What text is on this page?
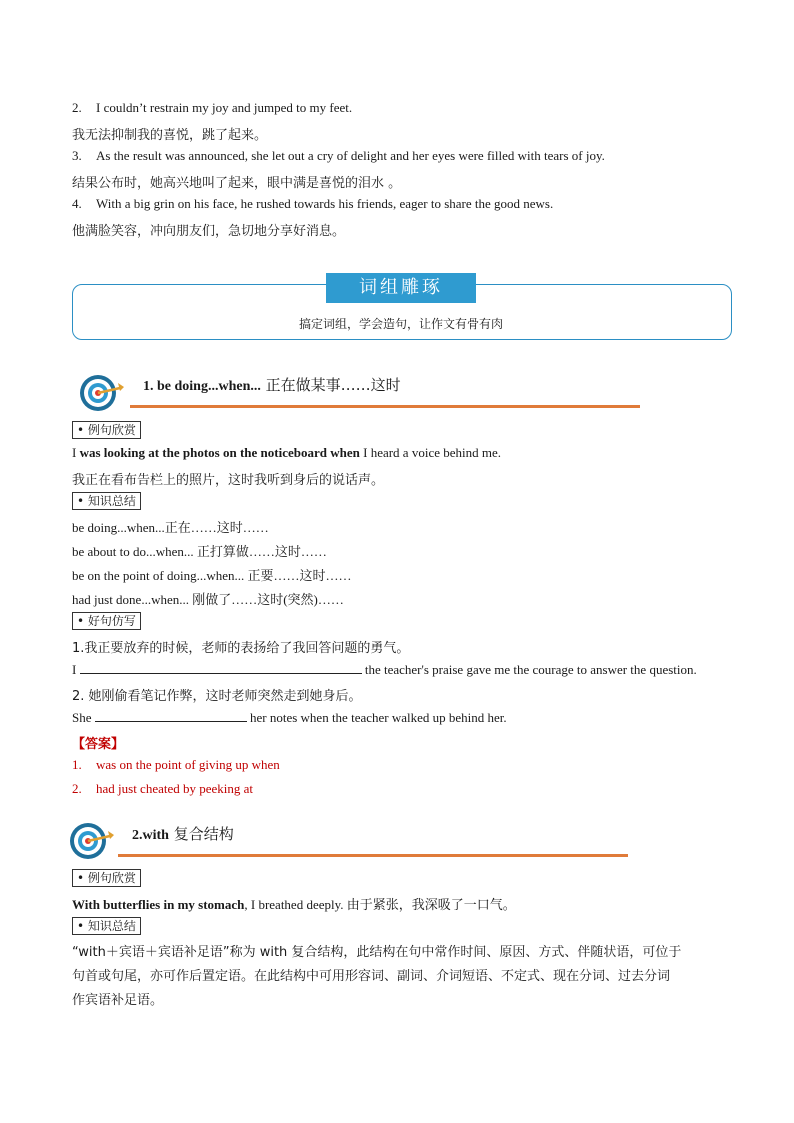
2. I couldn’t restrain my joy and jumped to my feet.
我无法抑制我的喜悦，跳了起来。
3. As the result was announced, she let out a cry of delight and her eyes were filled with tears of joy.
结果公布时，她高兴地叫了起来，眼中满是喜悦的泪水 。
4. With a big grin on his face, he rushed towards his friends, eager to share the good news.
他满脸笑容，冲向朋友们，急切地分享好消息。
词组雕琢
搞定词组，学会造句，让作文有骨有肉
1. be doing...when... 正在做某事……这时
• 例句欣赏
I was looking at the photos on the noticeboard when I heard a voice behind me.
我正在看布告栏上的照片，这时我听到身后的说话声。
• 知识总结
be doing...when...正在……这时……
be about to do...when... 正打算做……这时……
be on the point of doing...when... 正要……这时……
had just done...when... 刚做了……这时(突然)……
• 好句仿写
1.我正要放弃的时候，老师的表扬给了我回答问题的勇气。
I	the teacher's praise gave me the courage to answer the question.
2. 她刚偷看笔记作弊，这时老师突然走到她身后。
She	her notes when the teacher walked up behind her.
【答案】
1. was on the point of giving up when
2. had just cheated by peeking at
2.with 复合结构
• 例句欣赏
With butterflies in my stomach, I breathed deeply. 由于紧张，我深吸了一口气。
• 知识总结
“with＋宾语＋宾语补足语”称为 with 复合结构，此结构在句中常作时间、原因、方式、伴随状语，可位于
句首或句尾，亦可作后置定语。在此结构中可用形容词、副词、介词短语、不定式、现在分词、过去分词
作宾语补足语。
